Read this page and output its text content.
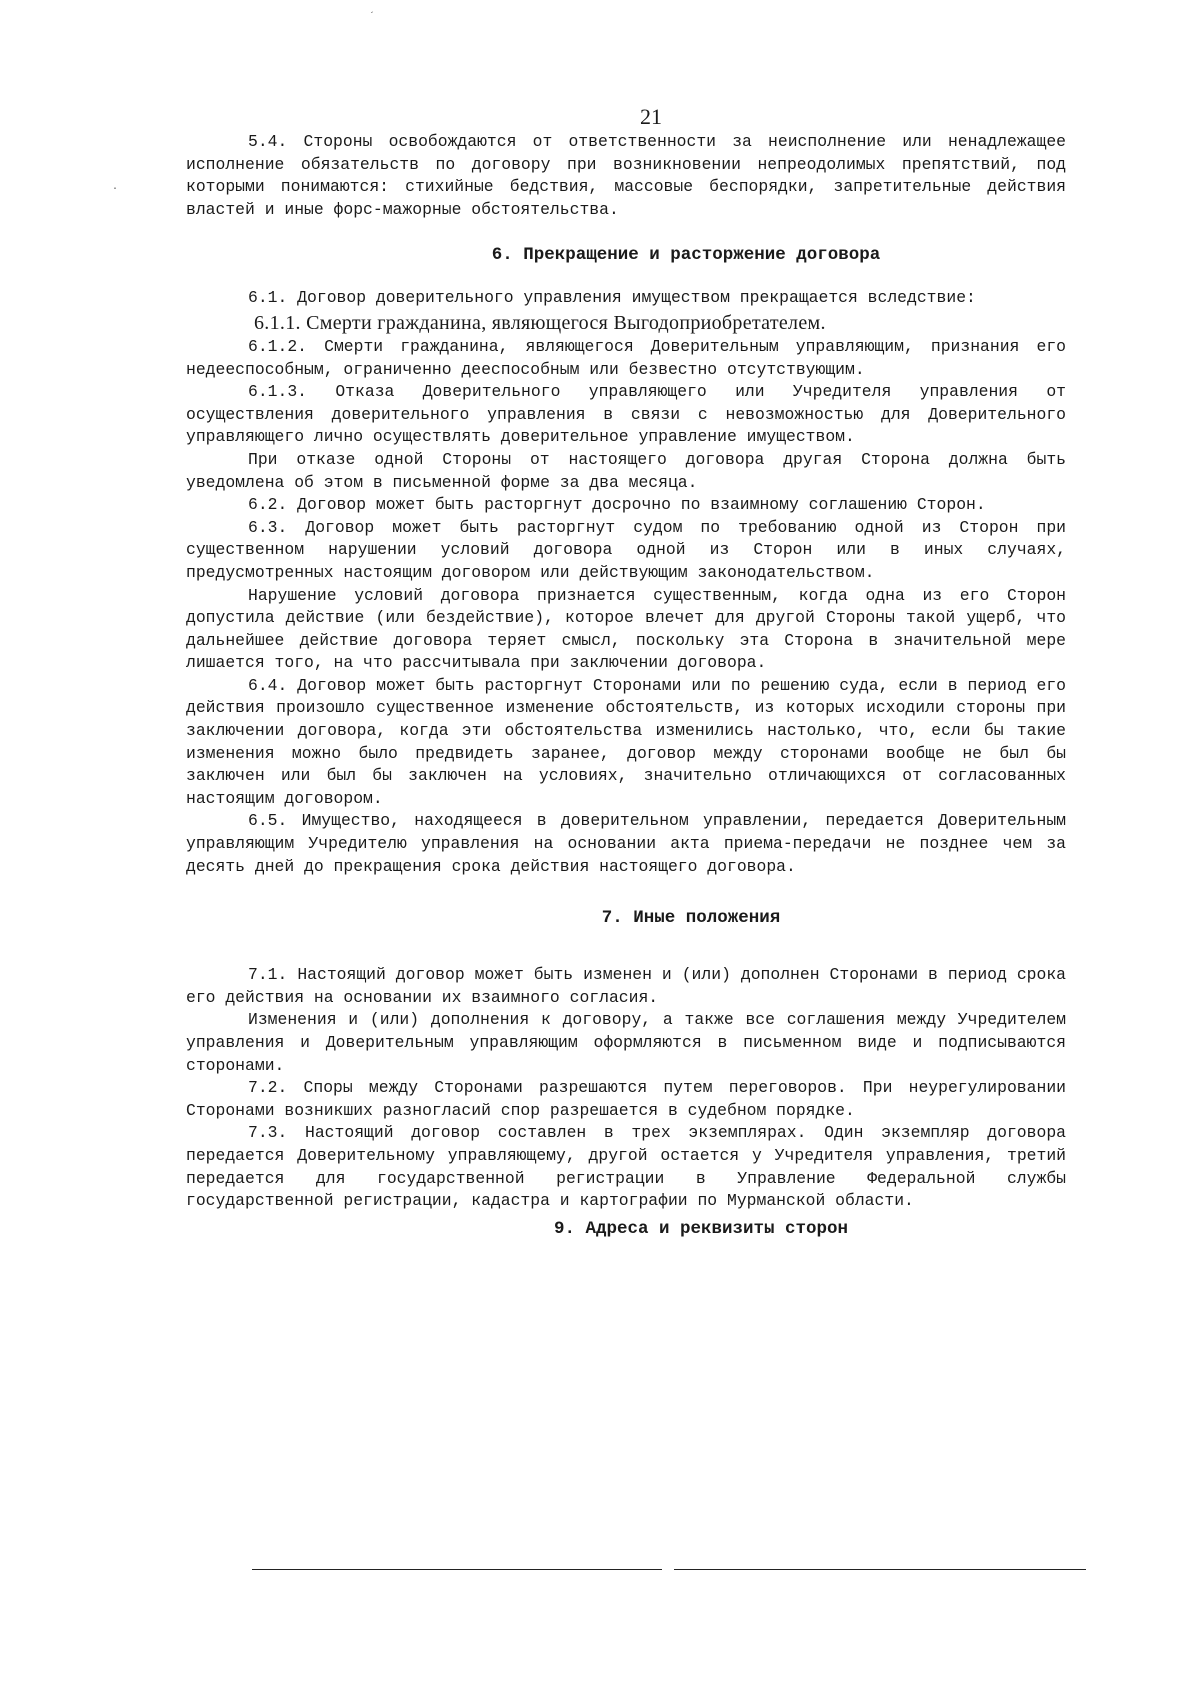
´
·
21

5.4. Стороны освобождаются от ответственности за неисполнение или ненадлежащее исполнение обязательств по договору при возникновении непреодолимых препятствий, под которыми понимаются: стихийные бедствия, массовые беспорядки, запретительные действия властей и иные форс-мажорные обстоятельства.

6. Прекращение и расторжение договора

6.1. Договор доверительного управления имуществом прекращается вследствие:

6.1.1. Смерти гражданина, являющегося Выгодоприобретателем.

6.1.2. Смерти гражданина, являющегося Доверительным управляющим, признания его недееспособным, ограниченно дееспособным или безвестно отсутствующим.

6.1.3. Отказа Доверительного управляющего или Учредителя управления от осуществления доверительного управления в связи с невозможностью для Доверительного управляющего лично осуществлять доверительное управление имуществом.

При отказе одной Стороны от настоящего договора другая Сторона должна быть уведомлена об этом в письменной форме за два месяца.

6.2. Договор может быть расторгнут досрочно по взаимному соглашению Сторон.

6.3. Договор может быть расторгнут судом по требованию одной из Сторон при существенном нарушении условий договора одной из Сторон или в иных случаях, предусмотренных настоящим договором или действующим законодательством.

Нарушение условий договора признается существенным, когда одна из его Сторон допустила действие (или бездействие), которое влечет для другой Стороны такой ущерб, что дальнейшее действие договора теряет смысл, поскольку эта Сторона в значительной мере лишается того, на что рассчитывала при заключении договора.

6.4. Договор может быть расторгнут Сторонами или по решению суда, если в период его действия произошло существенное изменение обстоятельств, из которых исходили стороны при заключении договора, когда эти обстоятельства изменились настолько, что, если бы такие изменения можно было предвидеть заранее, договор между сторонами вообще не был бы заключен или был бы заключен на условиях, значительно отличающихся от согласованных настоящим договором.

6.5. Имущество, находящееся в доверительном управлении, передается Доверительным управляющим Учредителю управления на основании акта приема-передачи не позднее чем за десять дней до прекращения срока действия настоящего договора.

7. Иные положения

7.1. Настоящий договор может быть изменен и (или) дополнен Сторонами в период срока его действия на основании их взаимного согласия.

Изменения и (или) дополнения к договору, а также все соглашения между Учредителем управления и Доверительным управляющим оформляются в письменном виде и подписываются сторонами.

7.2. Споры между Сторонами разрешаются путем переговоров. При неурегулировании Сторонами возникших разногласий спор разрешается в судебном порядке.

7.3. Настоящий договор составлен в трех экземплярах. Один экземпляр договора передается Доверительному управляющему, другой остается у Учредителя управления, третий передается для государственной регистрации в Управление Федеральной службы государственной регистрации, кадастра и картографии по Мурманской области.

9. Адреса и реквизиты сторон
